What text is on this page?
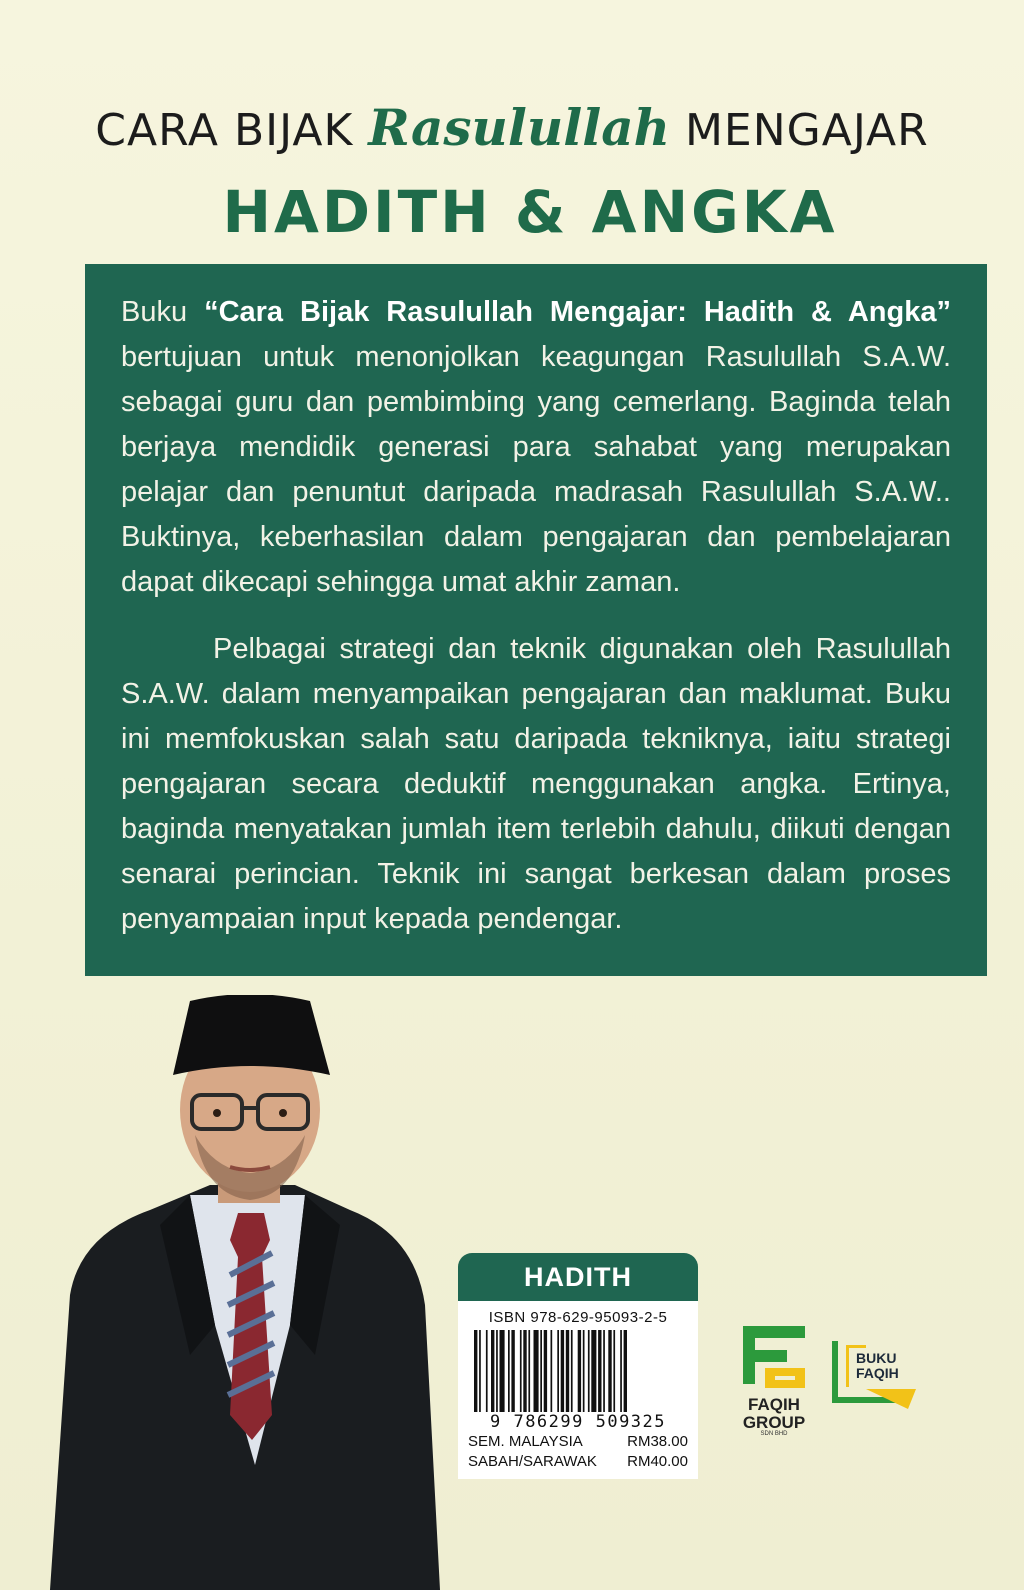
CARA BIJAK Rasulullah MENGAJAR
HADITH & ANGKA

Buku “Cara Bijak Rasulullah Mengajar: Hadith & Angka” bertujuan untuk menonjolkan keagungan Rasulullah S.A.W. sebagai guru dan pembimbing yang cemerlang. Baginda telah berjaya mendidik generasi para sahabat yang merupakan pelajar dan penuntut daripada madrasah Rasulullah S.A.W.. Buktinya, keberhasilan dalam pengajaran dan pembelajaran dapat dikecapi sehingga umat akhir zaman.

Pelbagai strategi dan teknik digunakan oleh Rasulullah S.A.W. dalam menyampaikan pengajaran dan maklumat. Buku ini memfokuskan salah satu daripada tekniknya, iaitu strategi pengajaran secara deduktif menggunakan angka. Ertinya, baginda menyatakan jumlah item terlebih dahulu, diikuti dengan senarai perincian. Teknik ini sangat berkesan dalam proses penyampaian input kepada pendengar.

HADITH
ISBN 978-629-95093-2-5
9 786299 509325
SEM. MALAYSIA	RM38.00
SABAH/SARAWAK RM40.00
FAQIH
GROUP
SDN BHD
BUKU
FAQIH
